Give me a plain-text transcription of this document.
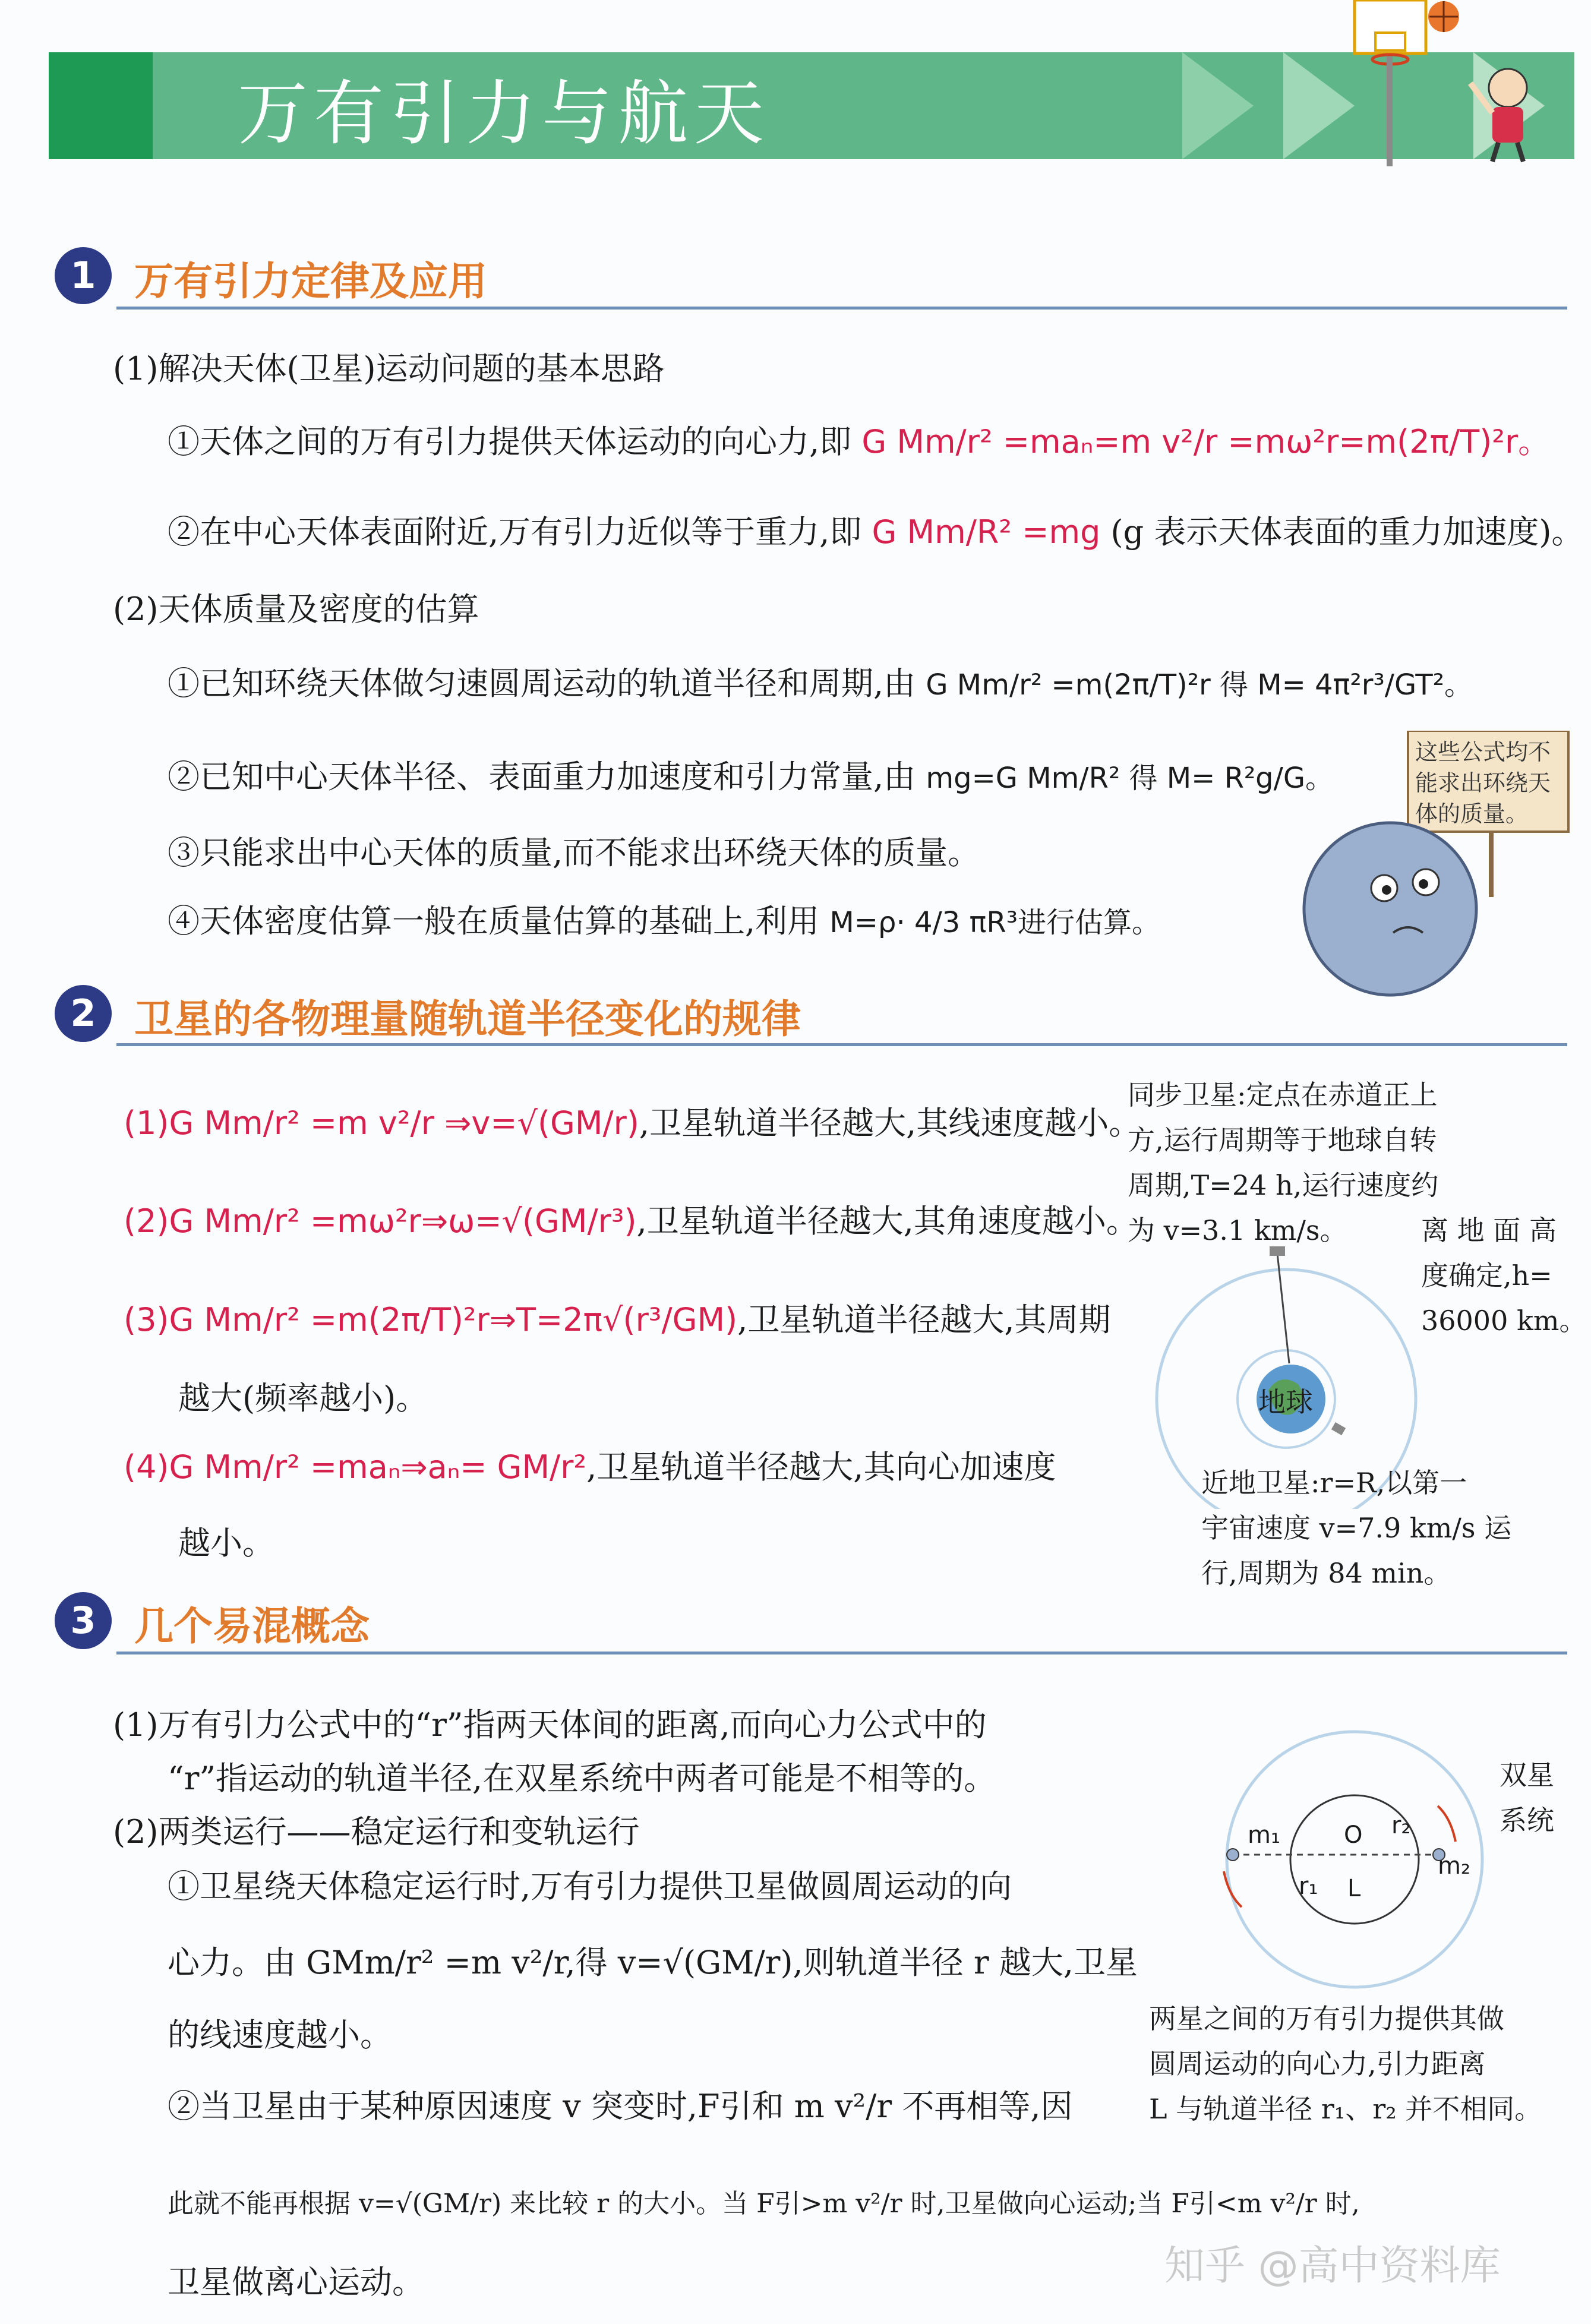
万有引力与航天
1 万有引力定律及应用
(1)解决天体(卫星)运动问题的基本思路
①天体之间的万有引力提供天体运动的向心力,即 G Mm/r² =maₙ=m v²/r =mω²r=m(2π/T)²r。
②在中心天体表面附近,万有引力近似等于重力,即 G Mm/R² =mg (g 表示天体表面的重力加速度)。
(2)天体质量及密度的估算
①已知环绕天体做匀速圆周运动的轨道半径和周期,由 G Mm/r² =m(2π/T)²r 得 M= 4π²r³/GT²。
②已知中心天体半径、表面重力加速度和引力常量,由 mg=G Mm/R² 得 M= R²g/G。
③只能求出中心天体的质量,而不能求出环绕天体的质量。
④天体密度估算一般在质量估算的基础上,利用 M=ρ· 4/3 πR³进行估算。
这些公式均不
能求出环绕天
体的质量。
2 卫星的各物理量随轨道半径变化的规律
(1)G Mm/r² =m v²/r ⇒v=√(GM/r),卫星轨道半径越大,其线速度越小。
(2)G Mm/r² =mω²r⇒ω=√(GM/r³),卫星轨道半径越大,其角速度越小。
(3)G Mm/r² =m(2π/T)²r⇒T=2π√(r³/GM),卫星轨道半径越大,其周期
越大(频率越小)。
(4)G Mm/r² =maₙ⇒aₙ= GM/r²,卫星轨道半径越大,其向心加速度
越小。
同步卫星:定点在赤道正上
方,运行周期等于地球自转
周期,T=24 h,运行速度约
为 v=3.1 km/s。	离 地 面 高
度确定,h=
36000 km。
地球
近地卫星:r=R,以第一
宇宙速度 v=7.9 km/s 运
行,周期为 84 min。
3 几个易混概念
(1)万有引力公式中的“r”指两天体间的距离,而向心力公式中的
“r”指运动的轨道半径,在双星系统中两者可能是不相等的。
(2)两类运行——稳定运行和变轨运行
①卫星绕天体稳定运行时,万有引力提供卫星做圆周运动的向
心力。由 GMm/r² =m v²/r,得 v=√(GM/r),则轨道半径 r 越大,卫星
的线速度越小。
②当卫星由于某种原因速度 v 突变时,F引和 m v²/r 不再相等,因
此就不能再根据 v=√(GM/r) 来比较 r 的大小。当 F引>m v²/r 时,卫星做向心运动;当 F引<m v²/r 时,
卫星做离心运动。
m₁	O r₂
m₂
r₁ L
双星
系统
两星之间的万有引力提供其做
圆周运动的向心力,引力距离
L 与轨道半径 r₁、r₂ 并不相同。
知乎 @高中资料库
